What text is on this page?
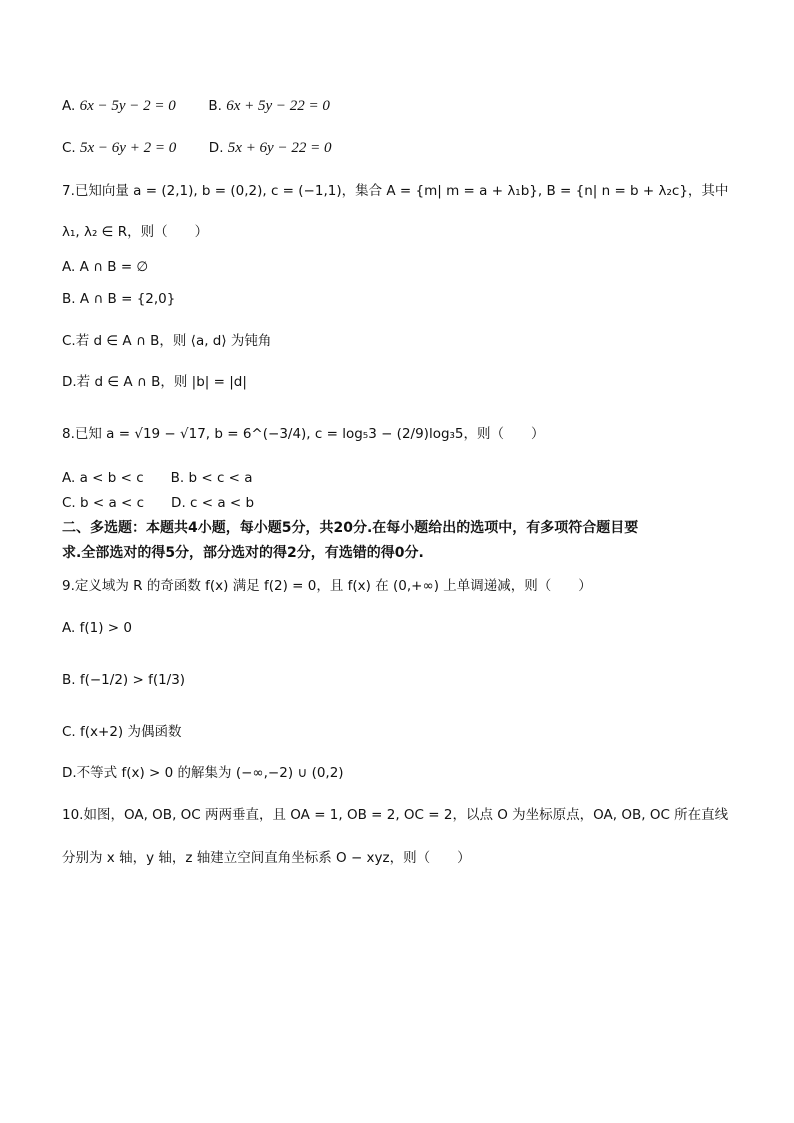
A. 6x − 5y − 2 = 0 B. 6x + 5y − 22 = 0
C. 5x − 6y + 2 = 0 D. 5x + 6y − 22 = 0
7.已知向量 a = (2,1), b = (0,2), c = (−1,1)，集合 A = {m| m = a + λ₁b}, B = {n| n = b + λ₂c}，其中
λ₁, λ₂ ∈ R，则（　　）
A. A ∩ B = ∅
B. A ∩ B = {2,0}
C.若 d ∈ A ∩ B，则 ⟨a, d⟩ 为钝角
D.若 d ∈ A ∩ B，则 |b| = |d|
8.已知 a = √19 − √17, b = 6^(−3/4), c = log₅3 − (2/9)log₃5，则（　　）
A. a < b < c　　B. b < c < a
C. b < a < c　　D. c < a < b
二、多选题：本题共4小题，每小题5分，共20分.在每小题给出的选项中，有多项符合题目要
求.全部选对的得5分，部分选对的得2分，有选错的得0分.
9.定义域为 R 的奇函数 f(x) 满足 f(2) = 0，且 f(x) 在 (0,+∞) 上单调递减，则（　　）
A. f(1) > 0
B. f(−1/2) > f(1/3)
C. f(x+2) 为偶函数
D.不等式 f(x) > 0 的解集为 (−∞,−2) ∪ (0,2)
10.如图，OA, OB, OC 两两垂直，且 OA = 1, OB = 2, OC = 2，以点 O 为坐标原点，OA, OB, OC 所在直线
分别为 x 轴，y 轴，z 轴建立空间直角坐标系 O − xyz，则（　　）
